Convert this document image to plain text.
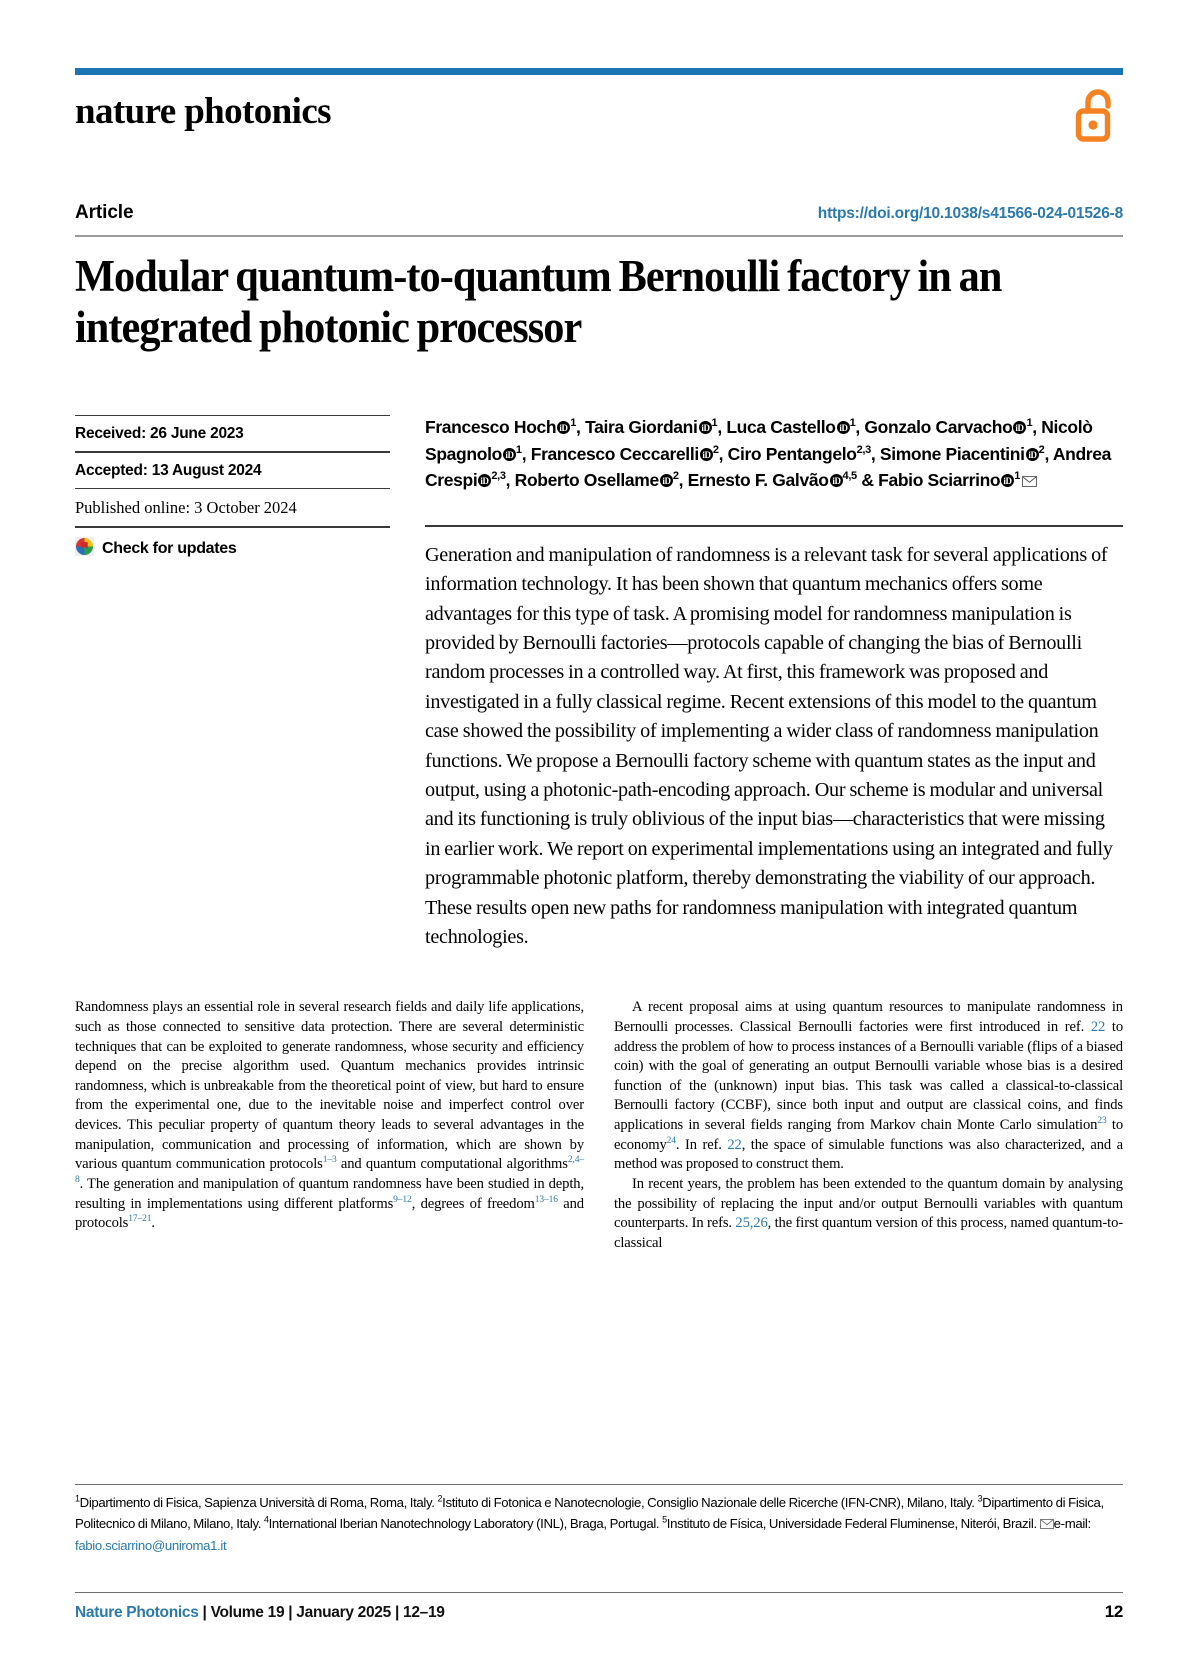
nature photonics
Article	https://doi.org/10.1038/s41566-024-01526-8
Modular quantum-to-quantum Bernoulli factory in an integrated photonic processor
Received: 26 June 2023
Accepted: 13 August 2024
Published online: 3 October 2024
Check for updates
Francesco Hoch iD $^1$, Taira Giordani iD $^1$, Luca Castello iD $^1$, Gonzalo Carvacho iD $^1$, Nicolò Spagnolo iD $^1$, Francesco Ceccarelli iD $^2$, Ciro Pentangelo$^{2,3}$, Simone Piacentini iD $^2$, Andrea Crespi iD $^{2,3}$, Roberto Osellame iD $^2$, Ernesto F. Galvão iD $^{4,5}$ & Fabio Sciarrino iD $^1$
Generation and manipulation of randomness is a relevant task for several applications of information technology. It has been shown that quantum mechanics offers some advantages for this type of task. A promising model for randomness manipulation is provided by Bernoulli factories—protocols capable of changing the bias of Bernoulli random processes in a controlled way. At first, this framework was proposed and investigated in a fully classical regime. Recent extensions of this model to the quantum case showed the possibility of implementing a wider class of randomness manipulation functions. We propose a Bernoulli factory scheme with quantum states as the input and output, using a photonic-path-encoding approach. Our scheme is modular and universal and its functioning is truly oblivious of the input bias—characteristics that were missing in earlier work. We report on experimental implementations using an integrated and fully programmable photonic platform, thereby demonstrating the viability of our approach. These results open new paths for randomness manipulation with integrated quantum technologies.

Randomness plays an essential role in several research fields and daily life applications, such as those connected to sensitive data protection. There are several deterministic techniques that can be exploited to generate randomness, whose security and efficiency depend on the precise algorithm used. Quantum mechanics provides intrinsic randomness, which is unbreakable from the theoretical point of view, but hard to ensure from the experimental one, due to the inevitable noise and imperfect control over devices. This peculiar property of quantum theory leads to several advantages in the manipulation, communication and processing of information, which are shown by various quantum communication protocols$^{1-3}$ and quantum computational algorithms$^{2,4-8}$. The generation and manipulation of quantum randomness have been studied in depth, resulting in implementations using different platforms$^{9-12}$, degrees of freedom$^{13-16}$ and protocols$^{17-21}$.

A recent proposal aims at using quantum resources to manipulate randomness in Bernoulli processes. Classical Bernoulli factories were first introduced in ref. 22 to address the problem of how to process instances of a Bernoulli variable (flips of a biased coin) with the goal of generating an output Bernoulli variable whose bias is a desired function of the (unknown) input bias. This task was called a classical-to-classical Bernoulli factory (CCBF), since both input and output are classical coins, and finds applications in several fields ranging from Markov chain Monte Carlo simulation$^{23}$ to economy$^{24}$. In ref. 22, the space of simulable functions was also characterized, and a method was proposed to construct them.

In recent years, the problem has been extended to the quantum domain by analysing the possibility of replacing the input and/or output Bernoulli variables with quantum counterparts. In refs. 25,26, the first quantum version of this process, named quantum-to-classical

$^1$Dipartimento di Fisica, Sapienza Università di Roma, Roma, Italy. $^2$Istituto di Fotonica e Nanotecnologie, Consiglio Nazionale delle Ricerche (IFN-CNR), Milano, Italy. $^3$Dipartimento di Fisica, Politecnico di Milano, Milano, Italy. $^4$International Iberian Nanotechnology Laboratory (INL), Braga, Portugal. $^5$Instituto de Física, Universidade Federal Fluminense, Niterói, Brazil. e-mail: fabio.sciarrino@uniroma1.it
Nature Photonics | Volume 19 | January 2025 | 12–19	12
